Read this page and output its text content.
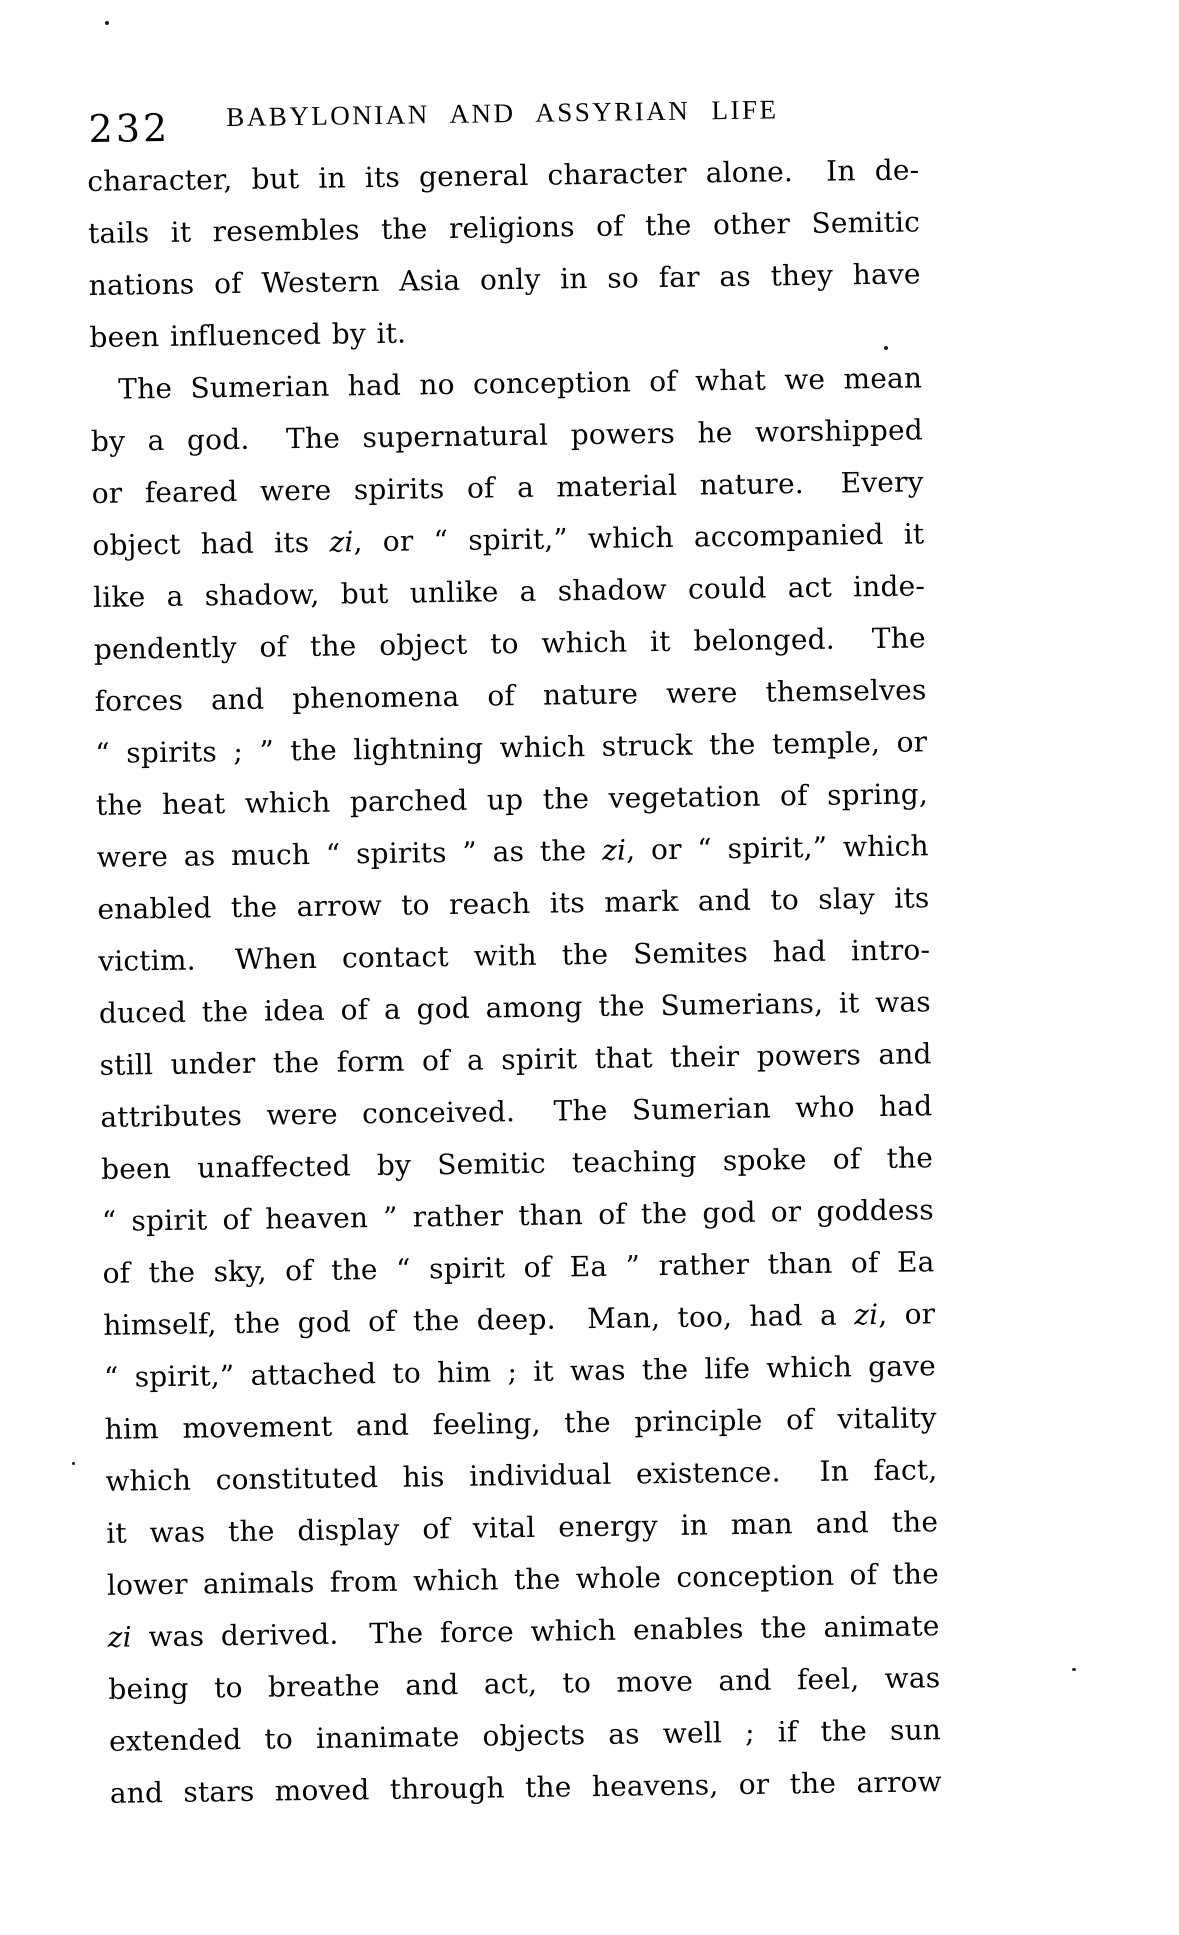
232	BABYLONIAN AND ASSYRIAN LIFE
character, but in its general character alone.  In de-
tails it resembles the religions of the other Semitic
nations of Western Asia only in so far as they have
been influenced by it.
The Sumerian had no conception of what we mean
by a god.  The supernatural powers he worshipped
or feared were spirits of a material nature.  Every
object had its zi, or “ spirit,” which accompanied it
like a shadow, but unlike a shadow could act inde-
pendently of the object to which it belonged.  The
forces and phenomena of nature were themselves
“ spirits ; ” the lightning which struck the temple, or
the heat which parched up the vegetation of spring,
were as much “ spirits ” as the zi, or “ spirit,” which
enabled the arrow to reach its mark and to slay its
victim.  When contact with the Semites had intro-
duced the idea of a god among the Sumerians, it was
still under the form of a spirit that their powers and
attributes were conceived.  The Sumerian who had
been unaffected by Semitic teaching spoke of the
“ spirit of heaven ” rather than of the god or goddess
of the sky, of the “ spirit of Ea ” rather than of Ea
himself, the god of the deep.  Man, too, had a zi, or
“ spirit,” attached to him ; it was the life which gave
him movement and feeling, the principle of vitality
which constituted his individual existence.  In fact,
it was the display of vital energy in man and the
lower animals from which the whole conception of the
zi was derived.  The force which enables the animate
being to breathe and act, to move and feel, was
extended to inanimate objects as well ; if the sun
and stars moved through the heavens, or the arrow
